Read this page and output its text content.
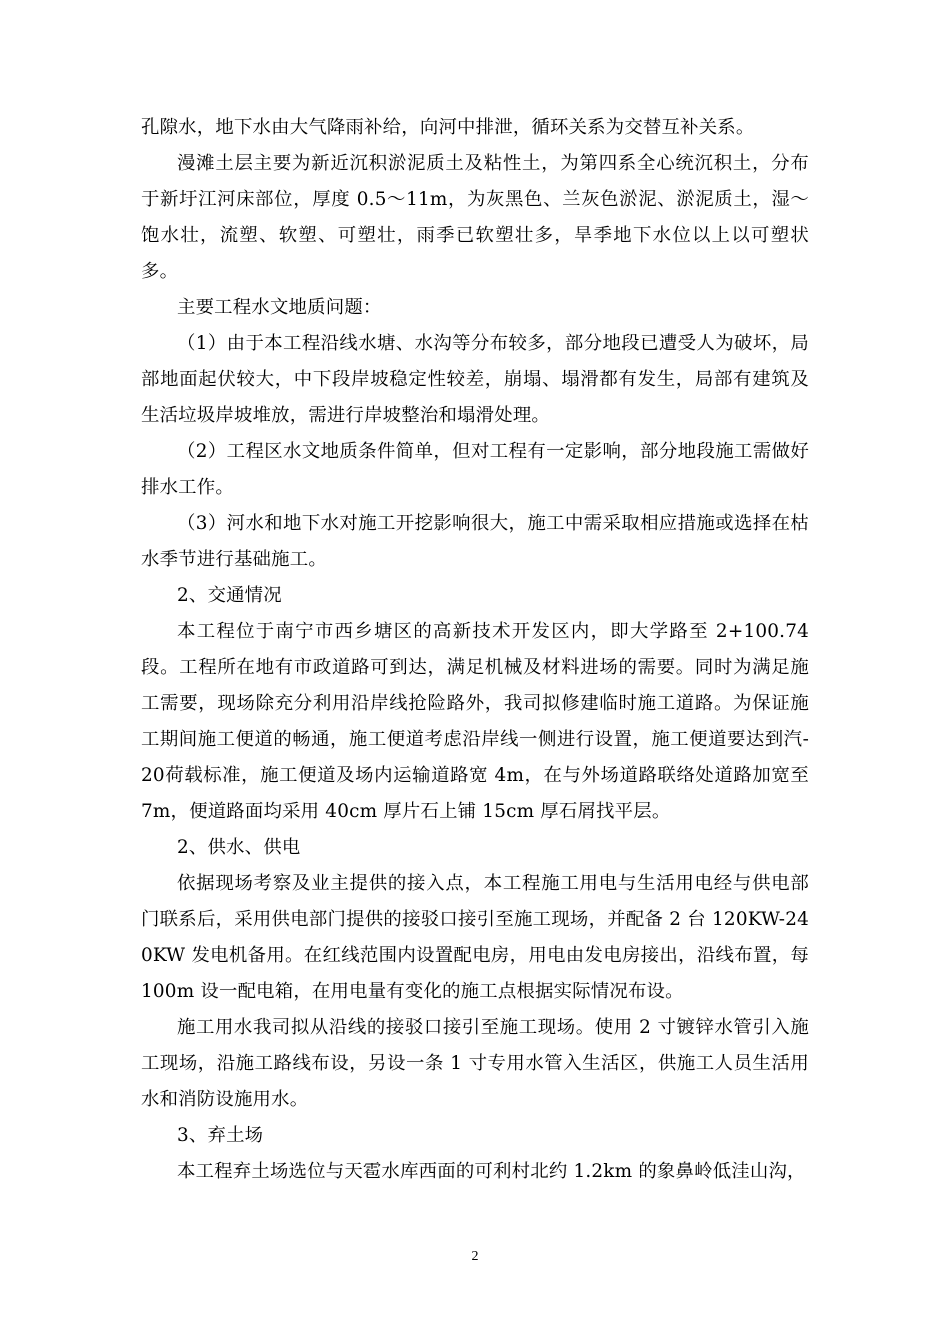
孔隙水，地下水由大气降雨补给，向河中排泄，循环关系为交替互补关系。

漫滩土层主要为新近沉积淤泥质土及粘性土，为第四系全心统沉积土，分布于新圩江河床部位，厚度 0.5～11m，为灰黑色、兰灰色淤泥、淤泥质土，湿～饱水壮，流塑、软塑、可塑壮，雨季已软塑壮多，旱季地下水位以上以可塑状多。

主要工程水文地质问题：

（1）由于本工程沿线水塘、水沟等分布较多，部分地段已遭受人为破坏，局部地面起伏较大，中下段岸坡稳定性较差，崩塌、塌滑都有发生，局部有建筑及生活垃圾岸坡堆放，需进行岸坡整治和塌滑处理。

（2）工程区水文地质条件简单，但对工程有一定影响，部分地段施工需做好排水工作。

（3）河水和地下水对施工开挖影响很大，施工中需采取相应措施或选择在枯水季节进行基础施工。

2、交通情况

本工程位于南宁市西乡塘区的高新技术开发区内，即大学路至 2+100.74 段。工程所在地有市政道路可到达，满足机械及材料进场的需要。同时为满足施工需要，现场除充分利用沿岸线抢险路外，我司拟修建临时施工道路。为保证施工期间施工便道的畅通，施工便道考虑沿岸线一侧进行设置，施工便道要达到汽-20荷载标准，施工便道及场内运输道路宽 4m，在与外场道路联络处道路加宽至 7m，便道路面均采用 40cm 厚片石上铺 15cm 厚石屑找平层。

2、供水、供电

依据现场考察及业主提供的接入点，本工程施工用电与生活用电经与供电部门联系后，采用供电部门提供的接驳口接引至施工现场，并配备 2 台 120KW-240KW 发电机备用。在红线范围内设置配电房，用电由发电房接出，沿线布置，每 100m 设一配电箱，在用电量有变化的施工点根据实际情况布设。

施工用水我司拟从沿线的接驳口接引至施工现场。使用 2 寸镀锌水管引入施工现场，沿施工路线布设，另设一条 1 寸专用水管入生活区，供施工人员生活用水和消防设施用水。

3、弃土场

本工程弃土场选位与天雹水库西面的可利村北约 1.2km 的象鼻岭低洼山沟，

2
